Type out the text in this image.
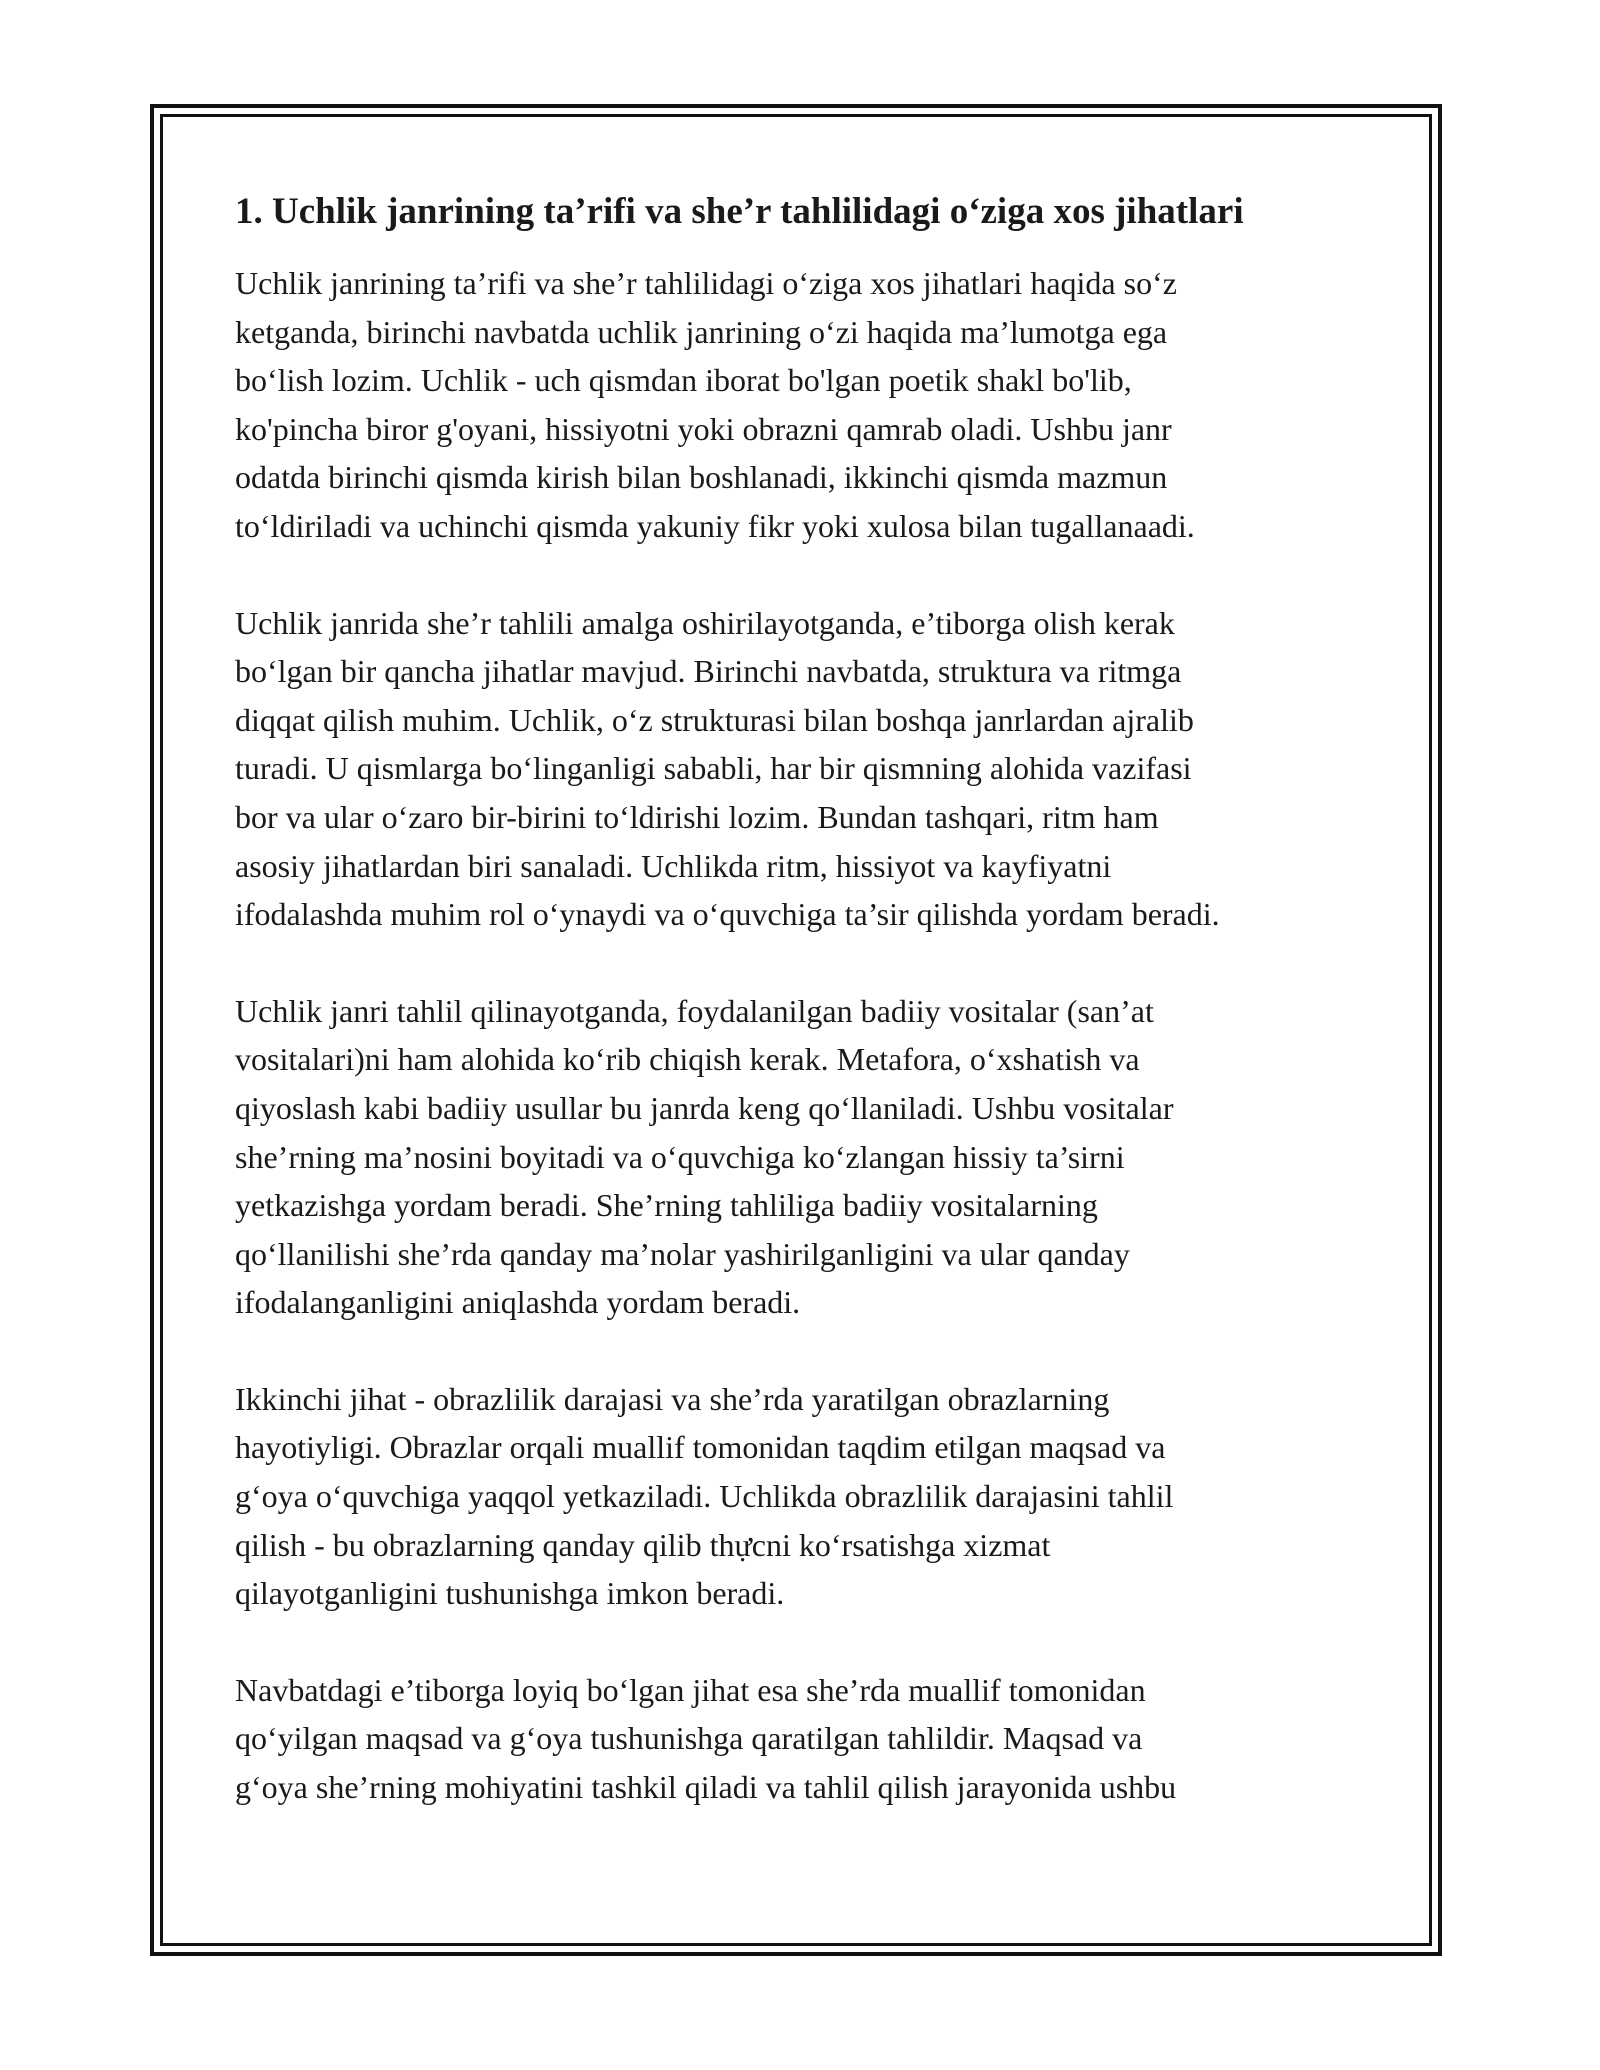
1. Uchlik janrining ta’rifi va she’r tahlilidagi o‘ziga xos jihatlari

Uchlik janrining ta’rifi va she’r tahlilidagi o‘ziga xos jihatlari haqida so‘z
ketganda, birinchi navbatda uchlik janrining o‘zi haqida ma’lumotga ega
bo‘lish lozim. Uchlik - uch qismdan iborat bo'lgan poetik shakl bo'lib,
ko'pincha biror g'oyani, hissiyotni yoki obrazni qamrab oladi. Ushbu janr
odatda birinchi qismda kirish bilan boshlanadi, ikkinchi qismda mazmun
to‘ldiriladi va uchinchi qismda yakuniy fikr yoki xulosa bilan tugallanaadi.

Uchlik janrida she’r tahlili amalga oshirilayotganda, e’tiborga olish kerak
bo‘lgan bir qancha jihatlar mavjud. Birinchi navbatda, struktura va ritmga
diqqat qilish muhim. Uchlik, o‘z strukturasi bilan boshqa janrlardan ajralib
turadi. U qismlarga bo‘linganligi sababli, har bir qismning alohida vazifasi
bor va ular o‘zaro bir-birini to‘ldirishi lozim. Bundan tashqari, ritm ham
asosiy jihatlardan biri sanaladi. Uchlikda ritm, hissiyot va kayfiyatni
ifodalashda muhim rol o‘ynaydi va o‘quvchiga ta’sir qilishda yordam beradi.

Uchlik janri tahlil qilinayotganda, foydalanilgan badiiy vositalar (san’at
vositalari)ni ham alohida ko‘rib chiqish kerak. Metafora, o‘xshatish va
qiyoslash kabi badiiy usullar bu janrda keng qo‘llaniladi. Ushbu vositalar
she’rning ma’nosini boyitadi va o‘quvchiga ko‘zlangan hissiy ta’sirni
yetkazishga yordam beradi. She’rning tahliliga badiiy vositalarning
qo‘llanilishi she’rda qanday ma’nolar yashirilganligini va ular qanday
ifodalanganligini aniqlashda yordam beradi.

Ikkinchi jihat - obrazlilik darajasi va she’rda yaratilgan obrazlarning
hayotiyligi. Obrazlar orqali muallif tomonidan taqdim etilgan maqsad va
g‘oya o‘quvchiga yaqqol yetkaziladi. Uchlikda obrazlilik darajasini tahlil
qilish - bu obrazlarning qanday qilib thựcni ko‘rsatishga xizmat
qilayotganligini tushunishga imkon beradi.

Navbatdagi e’tiborga loyiq bo‘lgan jihat esa she’rda muallif tomonidan
qo‘yilgan maqsad va g‘oya tushunishga qaratilgan tahlildir. Maqsad va
g‘oya she’rning mohiyatini tashkil qiladi va tahlil qilish jarayonida ushbu
